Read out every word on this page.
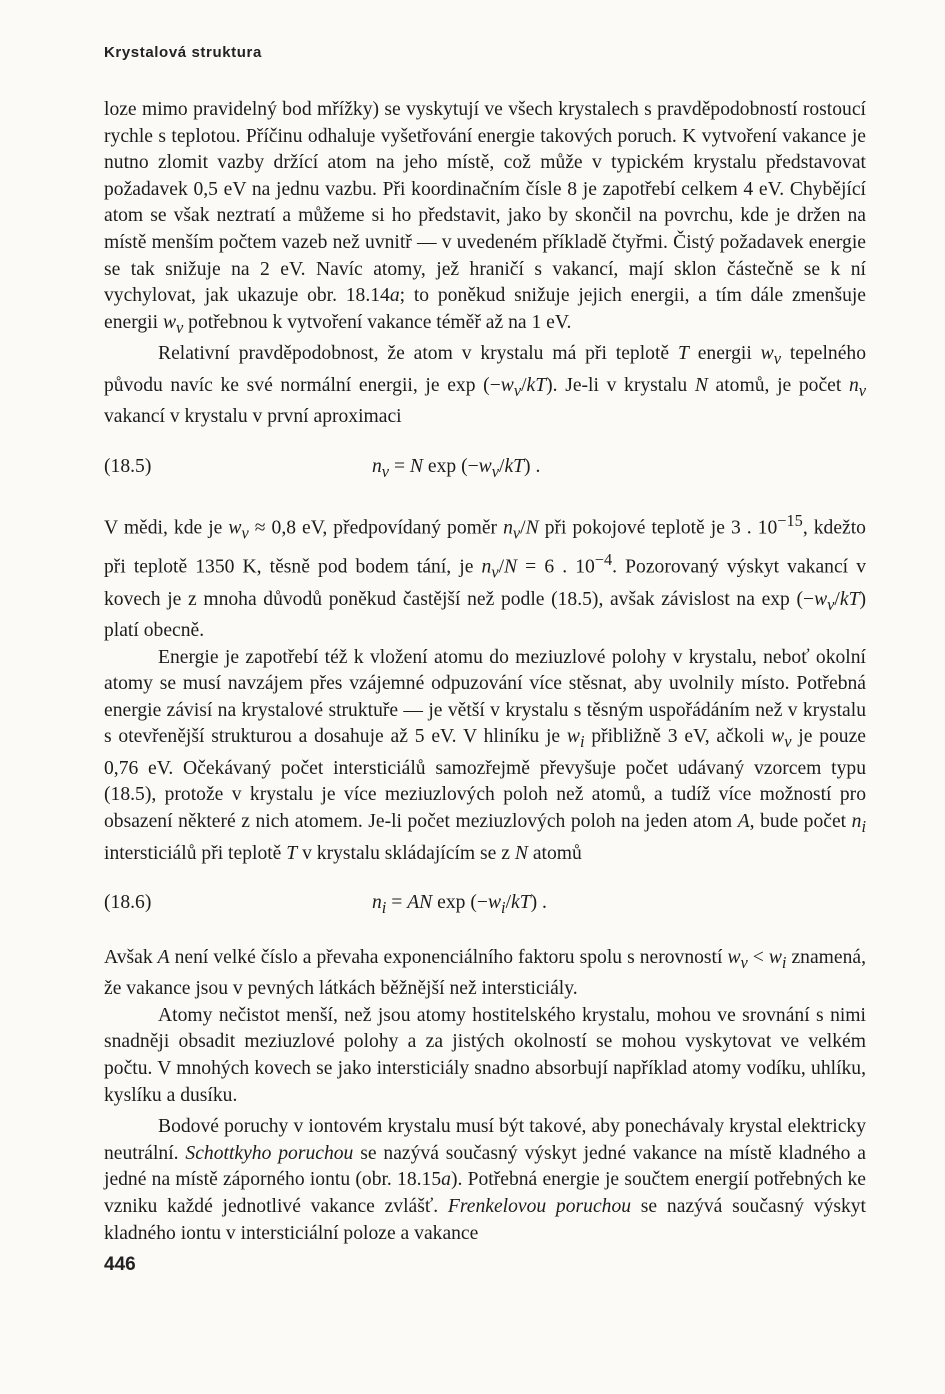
Krystalová struktura

loze mimo pravidelný bod mřížky) se vyskytují ve všech krystalech s pravděpodobností rostoucí rychle s teplotou. Příčinu odhaluje vyšetřování energie takových poruch. K vytvoření vakance je nutno zlomit vazby držící atom na jeho místě, což může v typickém krystalu představovat požadavek 0,5 eV na jednu vazbu. Při koordinačním čísle 8 je zapotřebí celkem 4 eV. Chybějící atom se však neztratí a můžeme si ho představit, jako by skončil na povrchu, kde je držen na místě menším počtem vazeb než uvnitř — v uvedeném příkladě čtyřmi. Čistý požadavek energie se tak snižuje na 2 eV. Navíc atomy, jež hraničí s vakancí, mají sklon částečně se k ní vychylovat, jak ukazuje obr. 18.14a; to poněkud snižuje jejich energii, a tím dále zmenšuje energii $w_v$ potřebnou k vytvoření vakance téměř až na 1 eV.

Relativní pravděpodobnost, že atom v krystalu má při teplotě T energii $w_v$ tepelného původu navíc ke své normální energii, je $\exp (-w_v/kT)$. Je-li v krystalu N atomů, je počet $n_v$ vakancí v krystalu v první aproximaci

(18.5)	$n_v = N$ $\exp (-w_v/kT)$ .

V mědi, kde je $w_v \approx 0,8$ eV, předpovídaný poměr $n_v/N$ při pokojové teplotě je 3 . $10^{-15}$, kdežto při teplotě 1350 K, těsně pod bodem tání, je $n_v/N = 6$ . $10^{-4}$. Pozorovaný výskyt vakancí v kovech je z mnoha důvodů poněkud častější než podle (18.5), avšak závislost na $\exp (-w_v/kT)$ platí obecně.

Energie je zapotřebí též k vložení atomu do meziuzlové polohy v krystalu, neboť okolní atomy se musí navzájem přes vzájemné odpuzování více stěsnat, aby uvolnily místo. Potřebná energie závisí na krystalové struktuře — je větší v krystalu s těsným uspořádáním než v krystalu s otevřenější strukturou a dosahuje až 5 eV. V hliníku je $w_i$ přibližně 3 eV, ačkoli $w_v$ je pouze 0,76 eV. Očekávaný počet intersticiálů samozřejmě převyšuje počet udávaný vzorcem typu (18.5), protože v krystalu je více meziuzlových poloh než atomů, a tudíž více možností pro obsazení některé z nich atomem. Je-li počet meziuzlových poloh na jeden atom A, bude počet $n_i$ intersticiálů při teplotě T v krystalu skládajícím se z N atomů

(18.6)	$n_i$ = AN $\exp (-w_i/kT)$ .

Avšak A není velké číslo a převaha exponenciálního faktoru spolu s nerovností $w_v < w_i$ znamená, že vakance jsou v pevných látkách běžnější než intersticiály.

Atomy nečistot menší, než jsou atomy hostitelského krystalu, mohou ve srovnání s nimi snadněji obsadit meziuzlové polohy a za jistých okolností se mohou vyskytovat ve velkém počtu. V mnohých kovech se jako intersticiály snadno absorbují například atomy vodíku, uhlíku, kyslíku a dusíku.

Bodové poruchy v iontovém krystalu musí být takové, aby ponechávaly krystal elektricky neutrální. Schottkyho poruchou se nazývá současný výskyt jedné vakance na místě kladného a jedné na místě záporného iontu (obr. 18.15a). Potřebná energie je součtem energií potřebných ke vzniku každé jednotlivé vakance zvlášť. Frenkelovou poruchou se nazývá současný výskyt kladného iontu v intersticiální poloze a vakance

446
